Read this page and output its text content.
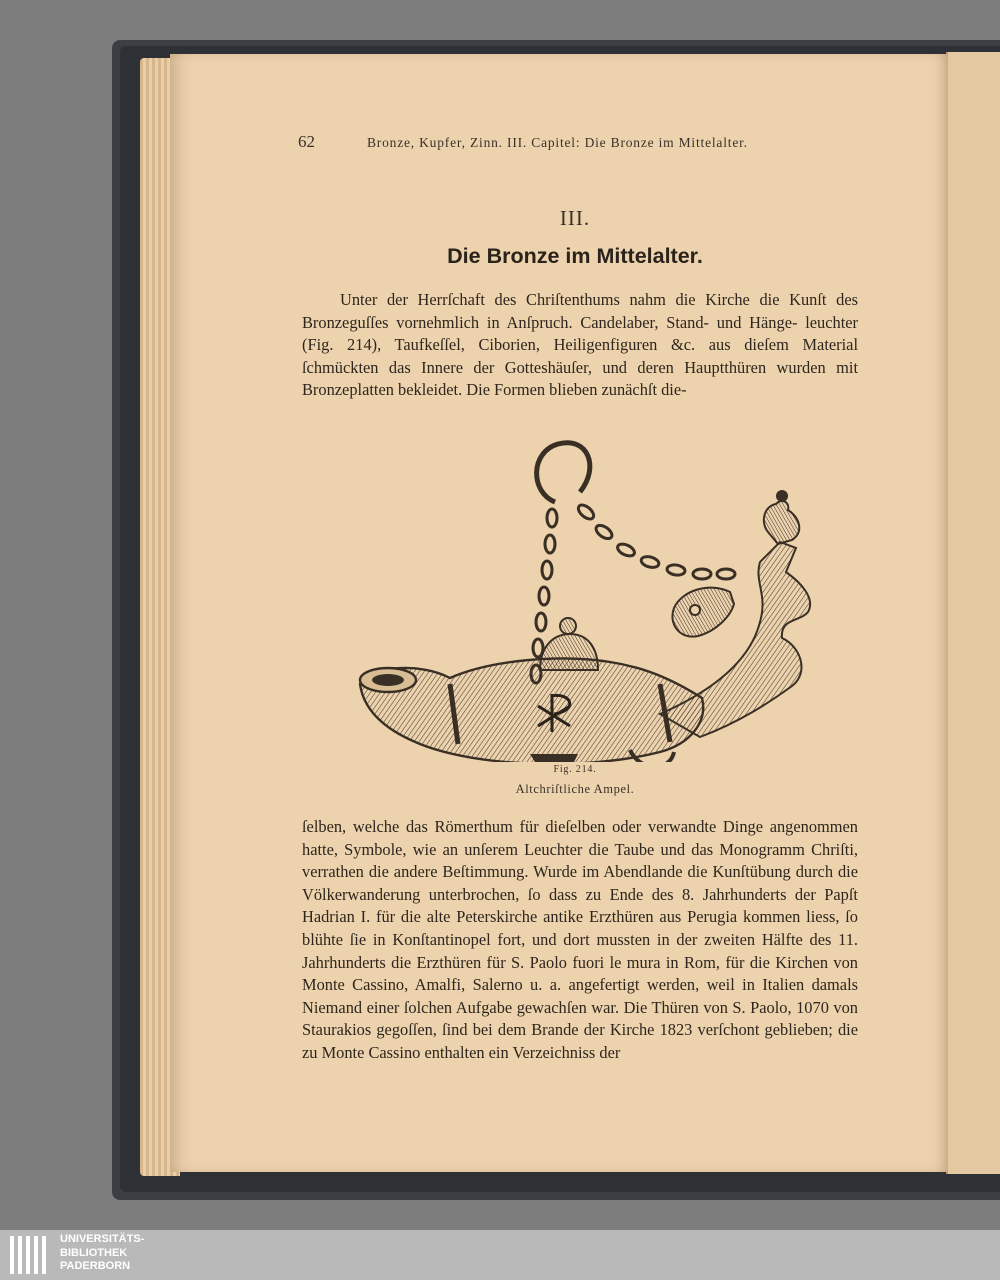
62	Bronze, Kupfer, Zinn. III. Capitel: Die Bronze im Mittelalter.
III.
Die Bronze im Mittelalter.

Unter der Herrſchaft des Chriſtenthums nahm die Kirche die Kunſt des Bronzeguſſes vornehmlich in Anſpruch. Candelaber, Stand- und Hänge- leuchter (Fig. 214), Taufkeſſel, Ciborien, Heiligenfiguren &c. aus dieſem Material ſchmückten das Innere der Gotteshäuſer, und deren Hauptthüren wurden mit Bronzeplatten bekleidet. Die Formen blieben zunächſt die-

Fig. 214.
Altchriſtliche Ampel.

ſelben, welche das Römerthum für dieſelben oder verwandte Dinge angenommen hatte, Symbole, wie an unſerem Leuchter die Taube und das Monogramm Chriſti, verrathen die andere Beſtimmung. Wurde im Abendlande die Kunſtübung durch die Völkerwanderung unterbrochen, ſo dass zu Ende des 8. Jahrhunderts der Papſt Hadrian I. für die alte Peterskirche antike Erzthüren aus Perugia kommen liess, ſo blühte ſie in Konſtantinopel fort, und dort mussten in der zweiten Hälfte des 11. Jahrhunderts die Erzthüren für S. Paolo fuori le mura in Rom, für die Kirchen von Monte Cassino, Amalfi, Salerno u. a. angefertigt werden, weil in Italien damals Niemand einer ſolchen Aufgabe gewachſen war. Die Thüren von S. Paolo, 1070 von Staurakios gegoſſen, ſind bei dem Brande der Kirche 1823 verſchont geblieben; die zu Monte Cassino enthalten ein Verzeichniss der

UNIVERSITÄTS-
BIBLIOTHEK
PADERBORN
